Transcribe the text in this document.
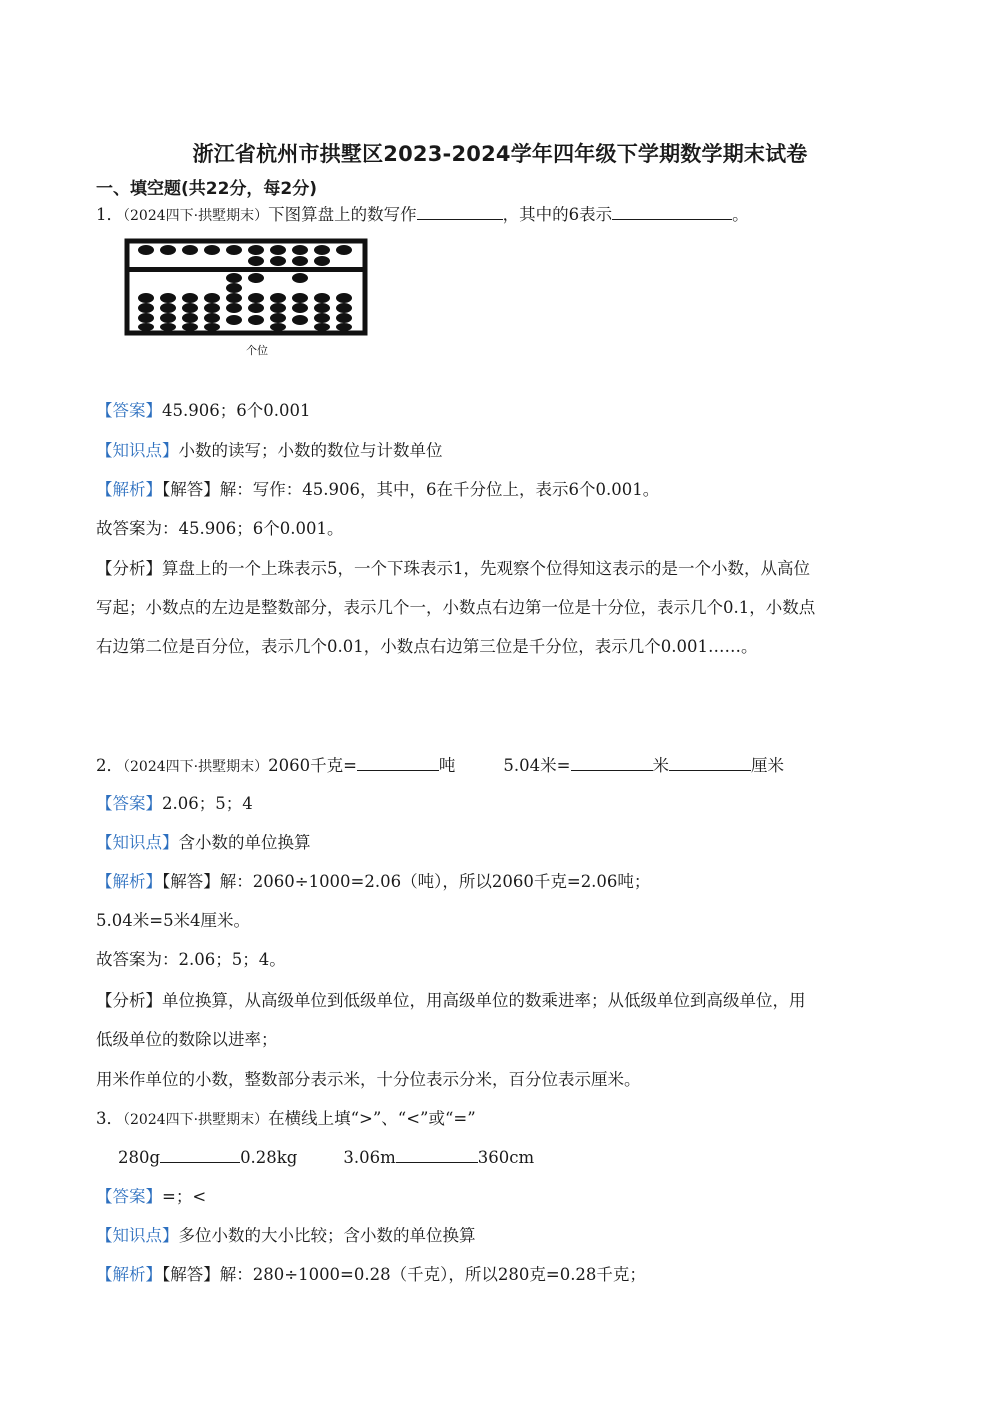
浙江省杭州市拱墅区2023-2024学年四年级下学期数学期末试卷
一、填空题(共22分，每2分)
1．（2024四下·拱墅期末）下图算盘上的数写作	，其中的6表示	。
个位
【答案】45.906；6个0.001
【知识点】小数的读写；小数的数位与计数单位
【解析】【解答】解：写作：45.906，其中，6在千分位上，表示6个0.001。
故答案为：45.906；6个0.001。
【分析】算盘上的一个上珠表示5，一个下珠表示1，先观察个位得知这表示的是一个小数，从高位
写起；小数点的左边是整数部分，表示几个一，小数点右边第一位是十分位，表示几个0.1，小数点
右边第二位是百分位，表示几个0.01，小数点右边第三位是千分位，表示几个0.001……。
2．（2024四下·拱墅期末）2060千克=	吨	5.04米=	米	厘米
【答案】2.06；5；4
【知识点】含小数的单位换算
【解析】【解答】解：2060÷1000=2.06（吨），所以2060千克=2.06吨；
5.04米=5米4厘米。
故答案为：2.06；5；4。
【分析】单位换算，从高级单位到低级单位，用高级单位的数乘进率；从低级单位到高级单位，用
低级单位的数除以进率；
用米作单位的小数，整数部分表示米，十分位表示分米，百分位表示厘米。
3．（2024四下·拱墅期末）在横线上填“>”、“<”或“=”
280g	0.28kg	3.06m	360cm
【答案】=；<
【知识点】多位小数的大小比较；含小数的单位换算
【解析】【解答】解：280÷1000=0.28（千克），所以280克=0.28千克；
